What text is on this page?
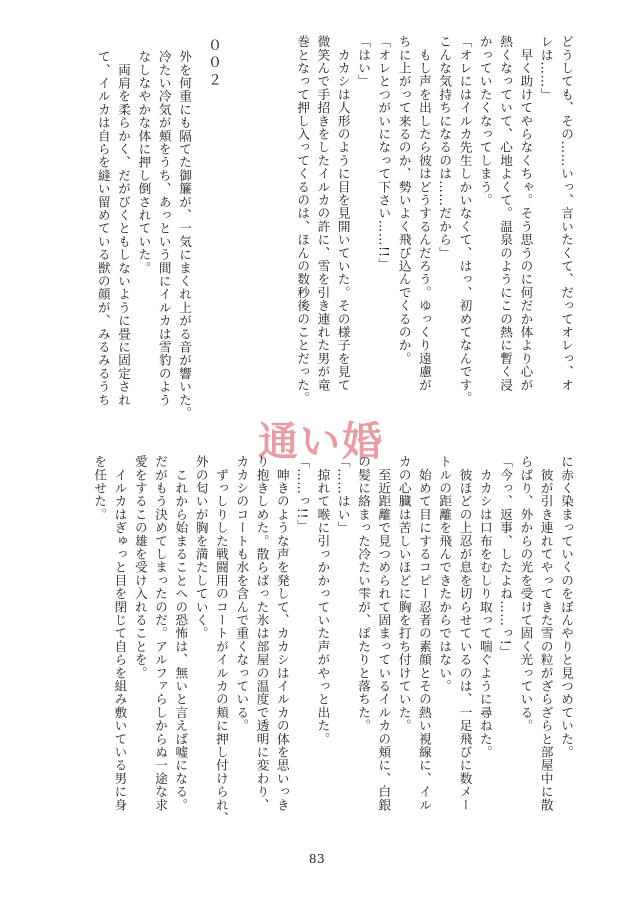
どうしても、その……いっ、言いたくて、だってオレっ、オ

レは……」

　早く助けてやらなくちゃ。そう思うのに何だか体より心が

熱くなっていて、心地よくて。温泉のようにこの熱に暫く浸

かっていたくなってしまう。

「オレにはイルカ先生しかいなくて、はっ、初めてなんです。

こんな気持ちになるのは……だから」

　もし声を出したら彼はどうするんだろう。ゆっくり遠慮が

ちに上がって来るのか、勢いよく飛び込んでくるのか。

「オレとつがいになって下さい……!!」

「はい」

　カカシは人形のように目を見開いていた。その様子を見て

微笑んで手招きをしたイルカの許に、雪を引き連れた男が竜

巻となって押し入ってくるのは、ほんの数秒後のことだった。

００２

外を何重にも隔てた御簾が、一気にまくれ上がる音が響いた。

冷たい冷気が頬をうち、あっという間にイルカは雪豹のよう

なしなやかな体に押し倒されていた。

　両肩を柔らかく、だがびくともしないように畳に固定され

て、イルカは自らを縫い留めている獣の顔が、みるみるうち

通い婚

に赤く染まっていくのをぼんやりと見つめていた。

　彼が引き連れてやってきた雪の粒がざらざらと部屋中に散

らばり、外からの光を受けて固く光っている。

「今っ、返事、したよね……っ!」

　カカシは口布をむしり取って喘ぐように尋ねた。

　彼ほどの上忍が息を切らせているのは、一足飛びに数メー

トルの距離を飛んできたからではない。

　始めて目にするコピー忍者の素顔とその熱い視線に、イル

カの心臓は苦しいほどに胸を打ち付けていた。

　至近距離で見つめられて固まっているイルカの頬に、白銀

の髪に絡まった冷たい雫が、ぽたりと落ちた。

「……はい」

　掠れて喉に引っかかっていた声がやっと出た。

「……っ!!」

　呻きのような声を発して、カカシはイルカの体を思いっき

り抱きしめた。散らばった氷は部屋の温度で透明に変わり、

カカシのコートも水を含んで重くなっている。

　ずっしりした戦闘用のコートがイルカの頬に押し付けられ、

外の匂いが胸を満たしていく。

　これから始まることへの恐怖は、無いと言えば嘘になる。

だがもう決めてしまったのだ。アルファらしからぬ一途な求

愛をするこの雄を受け入れることを。

　イルカはぎゅっと目を閉じて自らを組み敷いている男に身

を任せた。

83
